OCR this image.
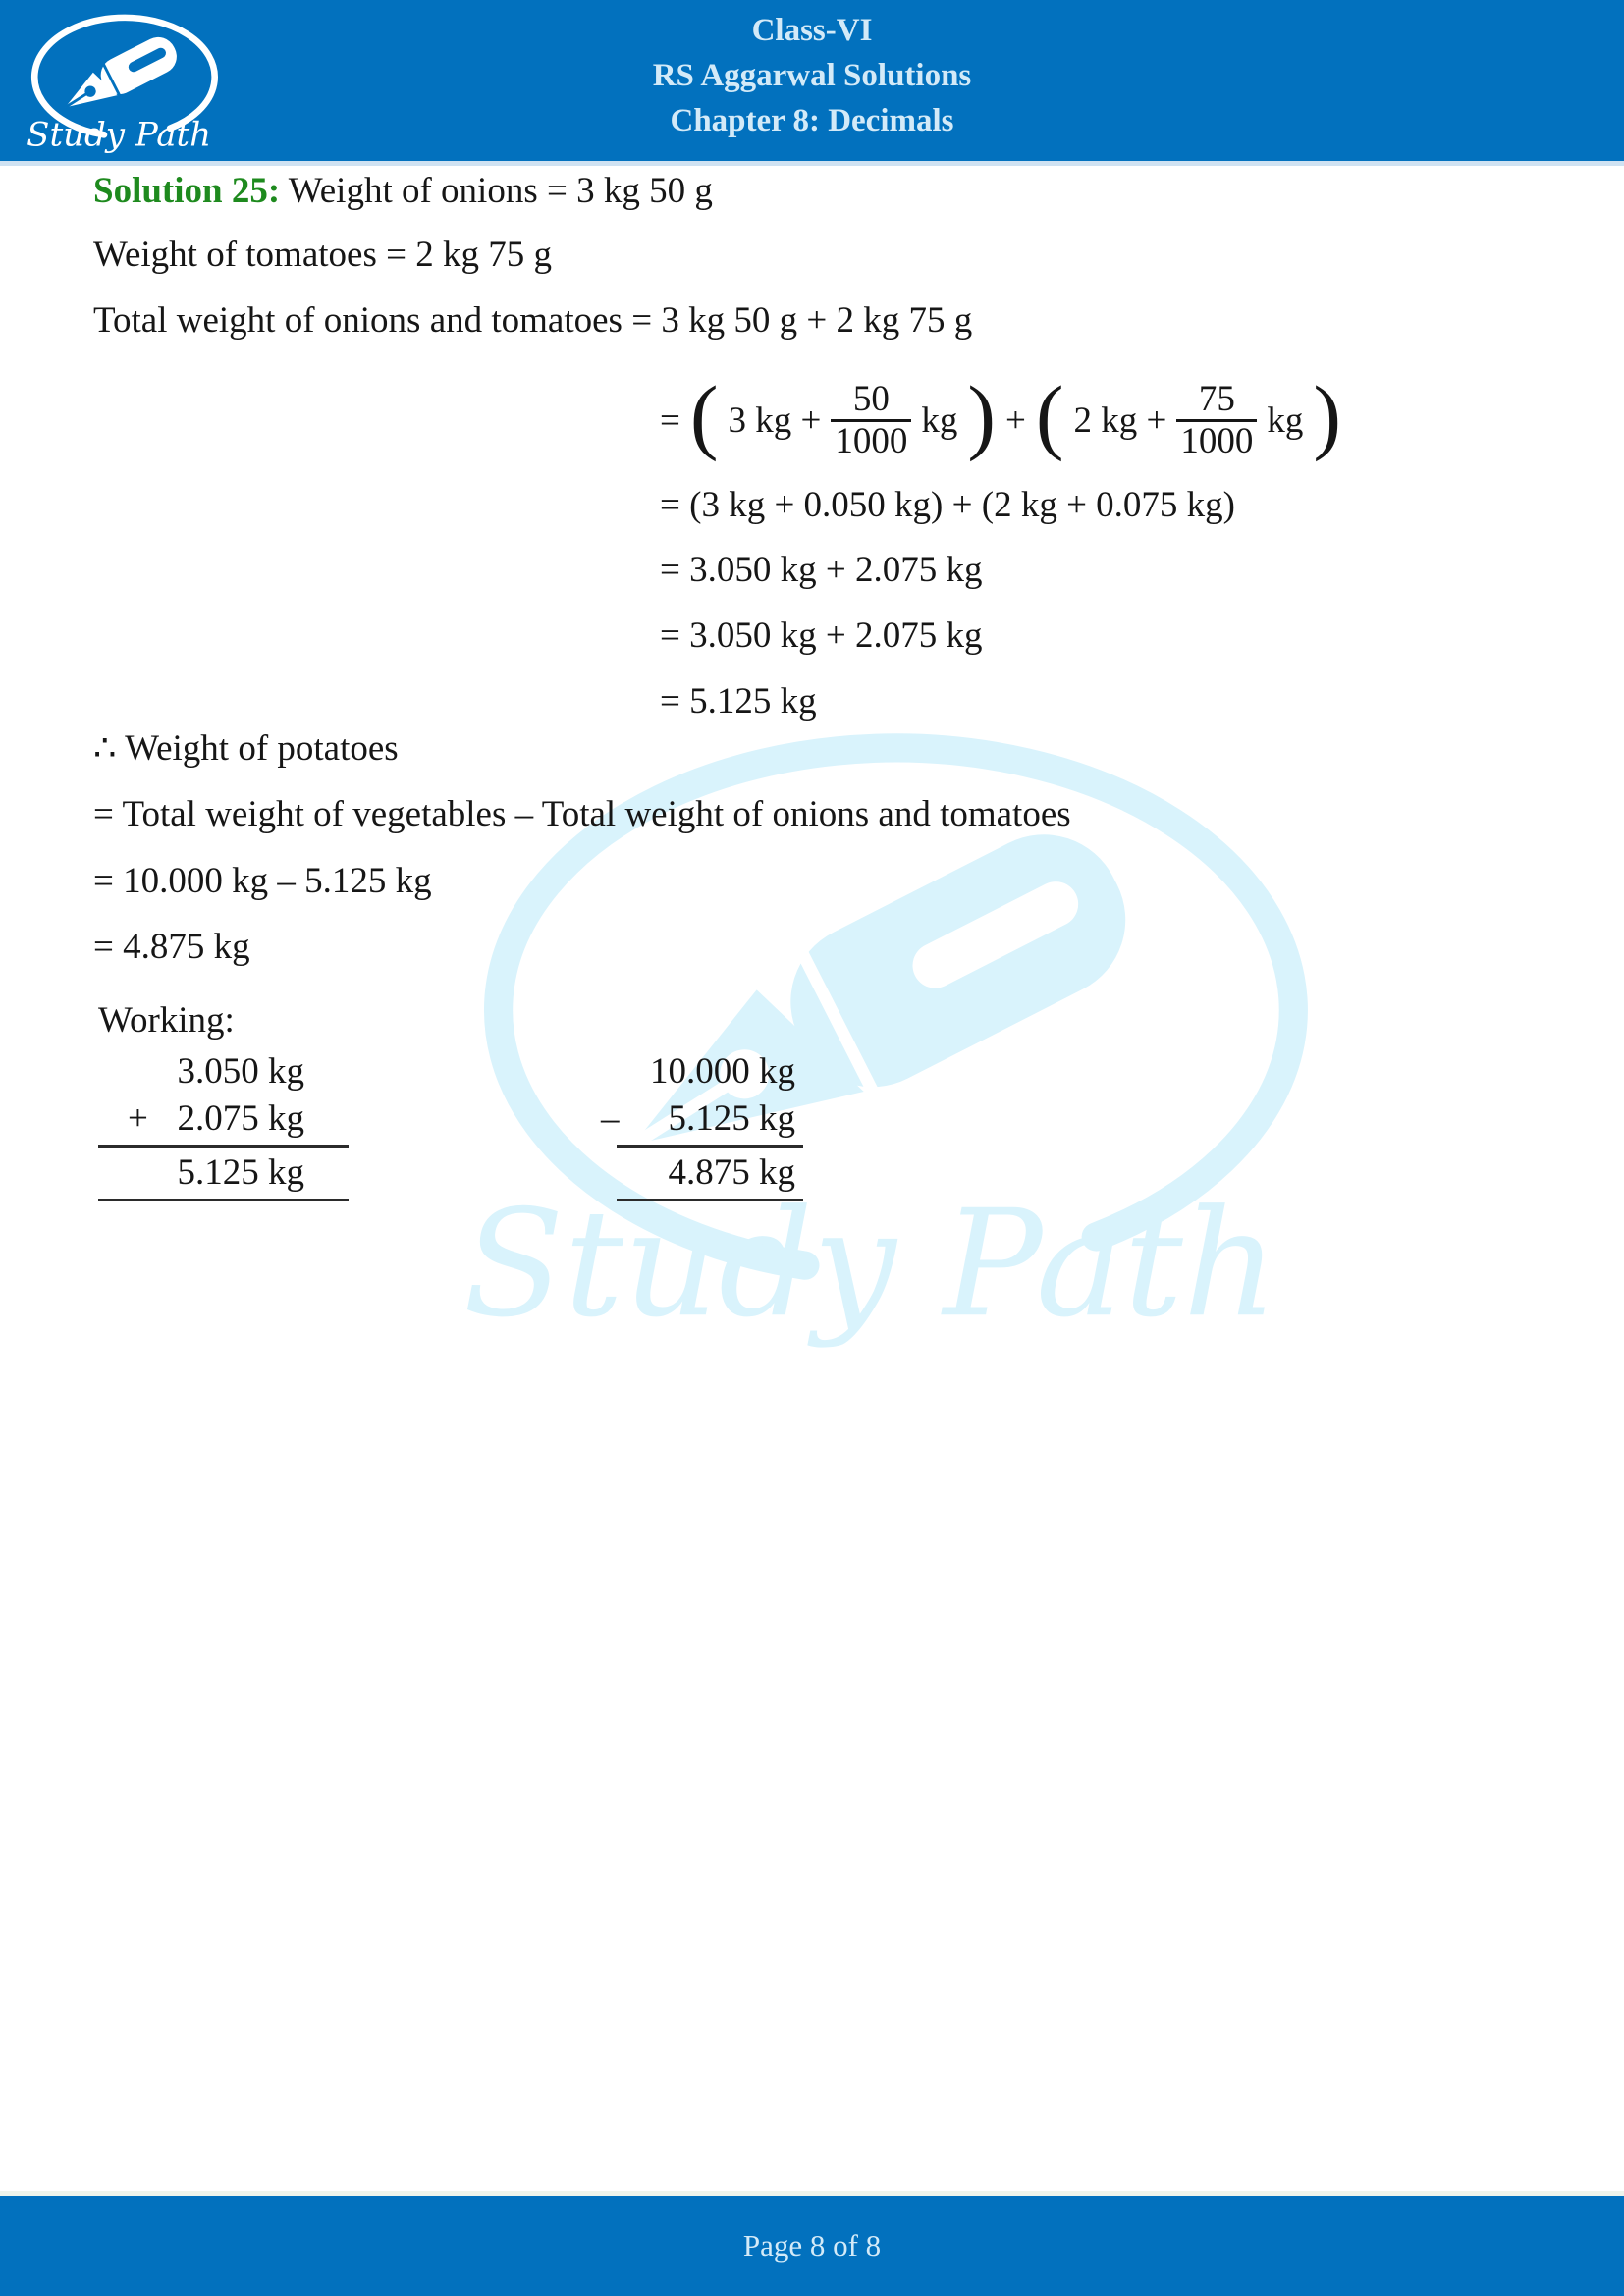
Class-VI
RS Aggarwal Solutions
Chapter 8: Decimals
Solution 25: Weight of onions = 3 kg 50 g
Weight of tomatoes = 2 kg 75 g
Total weight of onions and tomatoes = 3 kg 50 g + 2 kg 75 g
= ( 3 kg + $\frac{50}{1000}$ kg ) + ( 2 kg + $\frac{75}{1000}$ kg )
= (3 kg + 0.050 kg) + (2 kg + 0.075 kg)
= 3.050 kg + 2.075 kg
= 3.050 kg + 2.075 kg
= 5.125 kg
∴ Weight of potatoes
= Total weight of vegetables – Total weight of onions and tomatoes
= 10.000 kg – 5.125 kg
= 4.875 kg
Working:
3.050 kg
+ 2.075 kg
5.125 kg
10.000 kg
– 5.125 kg
4.875 kg
Page 8 of 8
